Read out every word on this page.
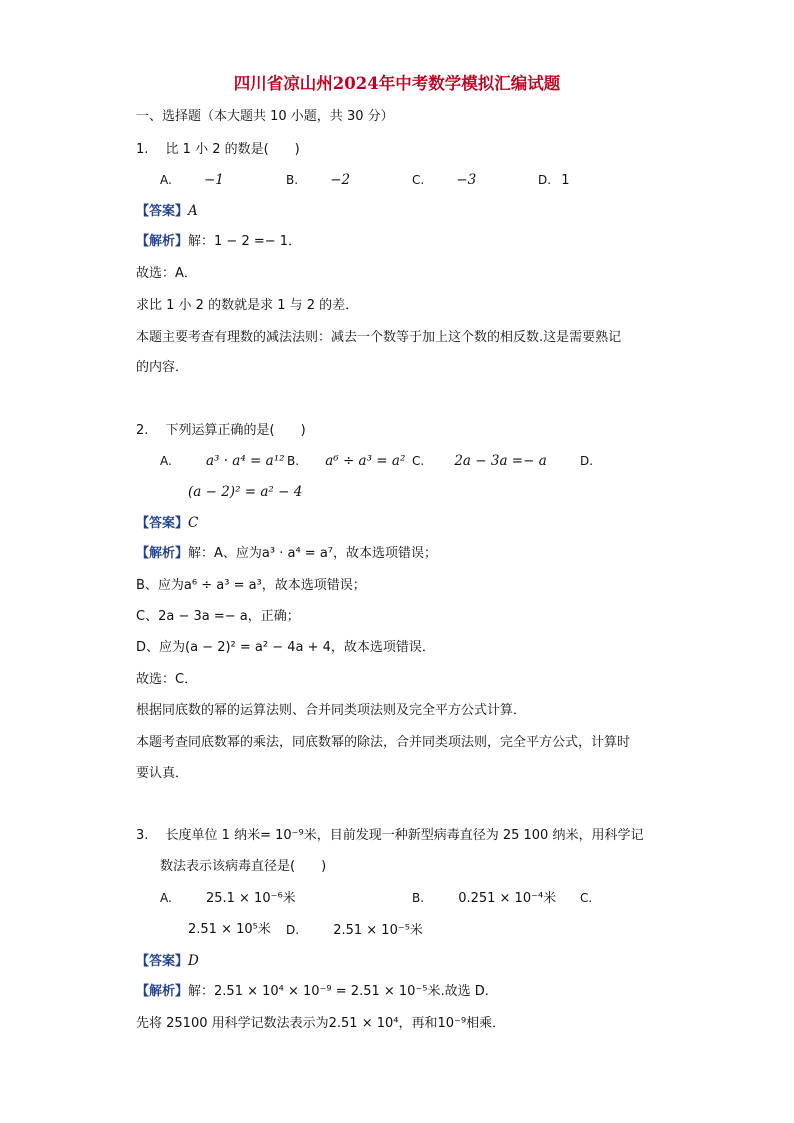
四川省凉山州2024年中考数学模拟汇编试题
一、选择题（本大题共 10 小题，共 30 分）
1.  比 1 小 2 的数是(  )
A. −1	B. −2	C. −3	D. 1
【答案】A
【解析】解：1 − 2 =− 1．
故选：A．
求比 1 小 2 的数就是求 1 与 2 的差．
本题主要考查有理数的减法法则：减去一个数等于加上这个数的相反数.这是需要熟记
的内容．
2.  下列运算正确的是(  )
A.	a³ · a⁴ = a¹² B. a⁶ ÷ a³ = a² C. 2a − 3a =− a	D.
(a − 2)² = a² − 4
【答案】C
【解析】解：A、应为a³ · a⁴ = a⁷，故本选项错误；
B、应为a⁶ ÷ a³ = a³，故本选项错误；
C、2a − 3a =− a，正确；
D、应为(a − 2)² = a² − 4a + 4，故本选项错误．
故选：C．
根据同底数的幂的运算法则、合并同类项法则及完全平方公式计算．
本题考查同底数幂的乘法，同底数幂的除法，合并同类项法则，完全平方公式，计算时
要认真．
3.  长度单位 1 纳米= 10⁻⁹米，目前发现一种新型病毒直径为 25 100 纳米，用科学记
数法表示该病毒直径是(  )
A.	25.1 × 10⁻⁶米	B.	0.251 × 10⁻⁴米 C.
2.51 × 10⁵米 D.	2.51 × 10⁻⁵米
【答案】D
【解析】解：2.51 × 10⁴ × 10⁻⁹ = 2.51 × 10⁻⁵米.故选 D.
先将 25100 用科学记数法表示为2.51 × 10⁴，再和10⁻⁹相乘．
